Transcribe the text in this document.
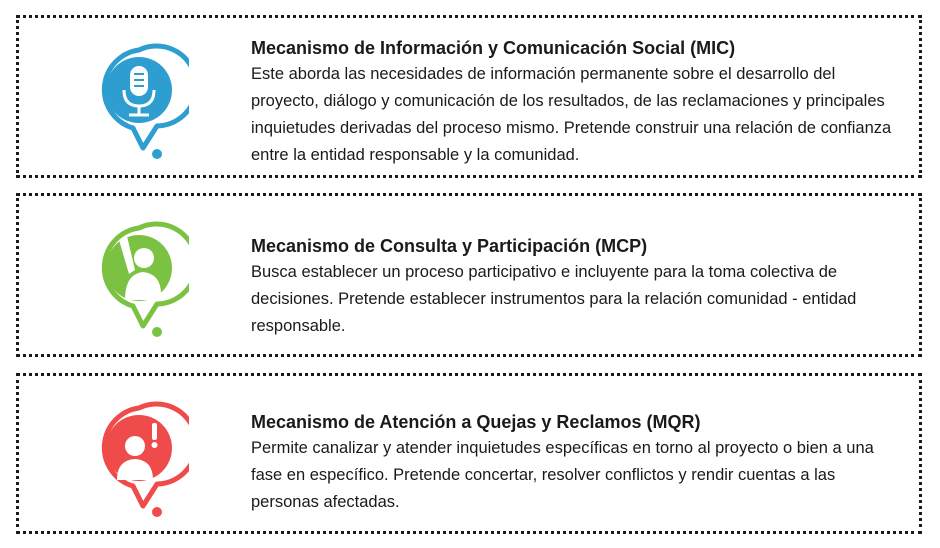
Mecanismo de Información y Comunicación Social (MIC)

Este aborda las necesidades de información permanente sobre el desarrollo del proyecto, diálogo y comunicación de los resultados, de las reclamaciones y principales inquietudes derivadas del proceso mismo. Pretende construir una relación de confianza entre la entidad responsable y la comunidad.

Mecanismo de Consulta y Participación (MCP)

Busca establecer un proceso participativo e incluyente para la toma colectiva de decisiones. Pretende establecer instrumentos para la relación comunidad - entidad responsable.

Mecanismo de Atención a Quejas y Reclamos (MQR)

Permite canalizar y atender inquietudes específicas en torno al proyecto o bien a una fase en específico. Pretende concertar, resolver conflictos y rendir cuentas a las personas afectadas.
